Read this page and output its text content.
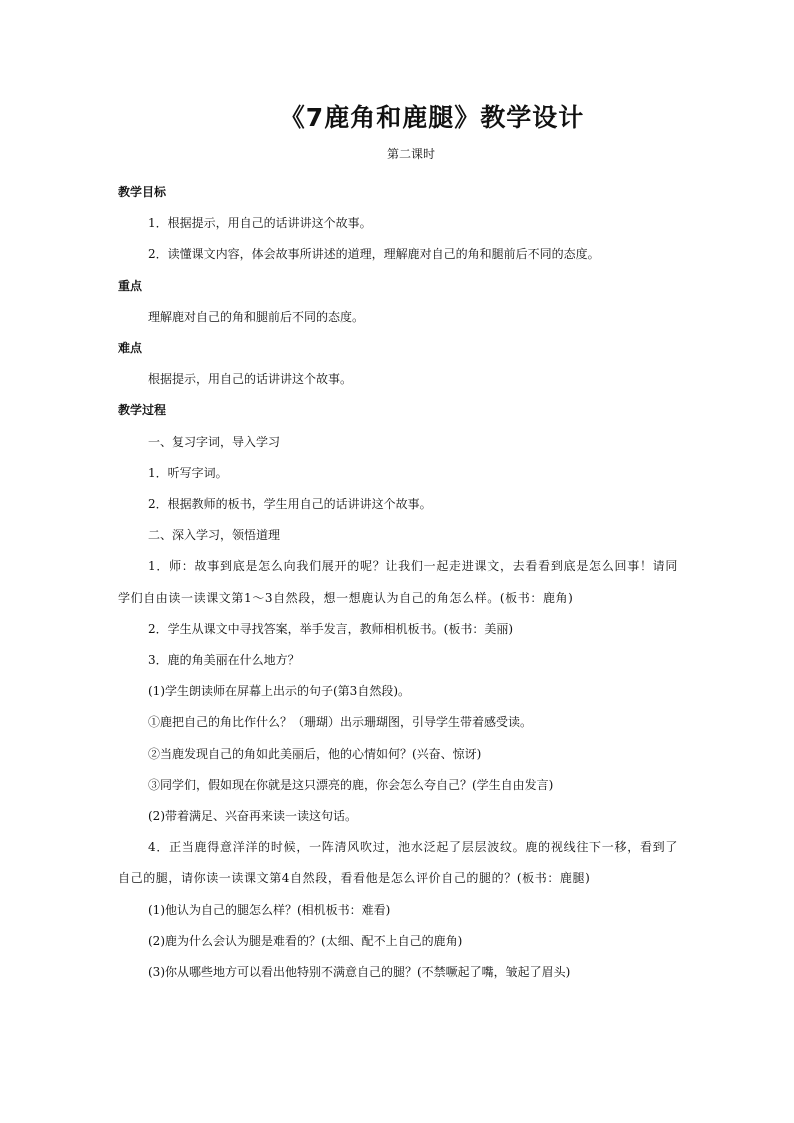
《7鹿角和鹿腿》教学设计

第二课时

教学目标

1．根据提示，用自己的话讲讲这个故事。

2．读懂课文内容，体会故事所讲述的道理，理解鹿对自己的角和腿前后不同的态度。

重点

理解鹿对自己的角和腿前后不同的态度。

难点

根据提示，用自己的话讲讲这个故事。

教学过程

一、复习字词，导入学习

1．听写字词。

2．根据教师的板书，学生用自己的话讲讲这个故事。

二、深入学习，领悟道理

1．师：故事到底是怎么向我们展开的呢？让我们一起走进课文，去看看到底是怎么回事！请同学们自由读一读课文第1～3自然段，想一想鹿认为自己的角怎么样。(板书：鹿角)

2．学生从课文中寻找答案，举手发言，教师相机板书。(板书：美丽)

3．鹿的角美丽在什么地方？

(1)学生朗读师在屏幕上出示的句子(第3自然段)。

①鹿把自己的角比作什么？（珊瑚）出示珊瑚图，引导学生带着感受读。

②当鹿发现自己的角如此美丽后，他的心情如何？(兴奋、惊讶)

③同学们，假如现在你就是这只漂亮的鹿，你会怎么夸自己？(学生自由发言)

(2)带着满足、兴奋再来读一读这句话。

4．正当鹿得意洋洋的时候，一阵清风吹过，池水泛起了层层波纹。鹿的视线往下一移，看到了自己的腿，请你读一读课文第4自然段，看看他是怎么评价自己的腿的？(板书：鹿腿)

(1)他认为自己的腿怎么样？(相机板书：难看)

(2)鹿为什么会认为腿是难看的？(太细、配不上自己的鹿角)

(3)你从哪些地方可以看出他特别不满意自己的腿？(不禁噘起了嘴，皱起了眉头)
